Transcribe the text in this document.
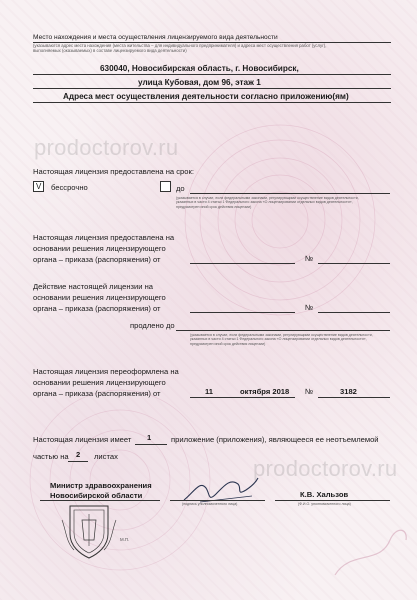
Место нахождения и места осуществления лицензируемого вида деятельности
(указываются адрес места нахождения (места жительства – для индивидуального предпринимателя) и адреса мест осуществления работ (услуг),
выполняемых (оказываемых) в составе лицензируемого вида деятельности)
630040, Новосибирская область, г. Новосибирск,
улица Кубовая, дом 96, этаж 1
Адреса мест осуществления деятельности согласно приложению(ям)
prodoctorov.ru
prodoctorov.ru
Настоящая лицензия предоставлена на срок:
V бессрочно	до
(указывается в случае, если федеральными законами, регулирующими осуществление видов деятельности,
указанных в части 4 статьи 1 Федерального закона «О лицензировании отдельных видов деятельности»,
предусмотрен иной срок действия лицензии)
Настоящая лицензия предоставлена на
основании решения лицензирующего
органа – приказа (распоряжения) от	№
Действие настоящей лицензии на
основании решения лицензирующего
органа – приказа (распоряжения) от	№
продлено до
(указывается в случае, если федеральными законами, регулирующими осуществление видов деятельности,
указанных в части 4 статьи 1 Федерального закона «О лицензировании отдельных видов деятельности»,
предусмотрен иной срок действия лицензии)
Настоящая лицензия переоформлена на
основании решения лицензирующего
органа – приказа (распоряжения) от	11	октября 2018 №	3182
Настоящая лицензия имеет 1	приложение (приложения), являющееся ее неотъемлемой
частью на 2 листах
Министр здравоохранения
Новосибирской области
(подпись уполномоченного лица)
К.В. Хальзов
(Ф.И.О. уполномоченного лица)
М.П.
